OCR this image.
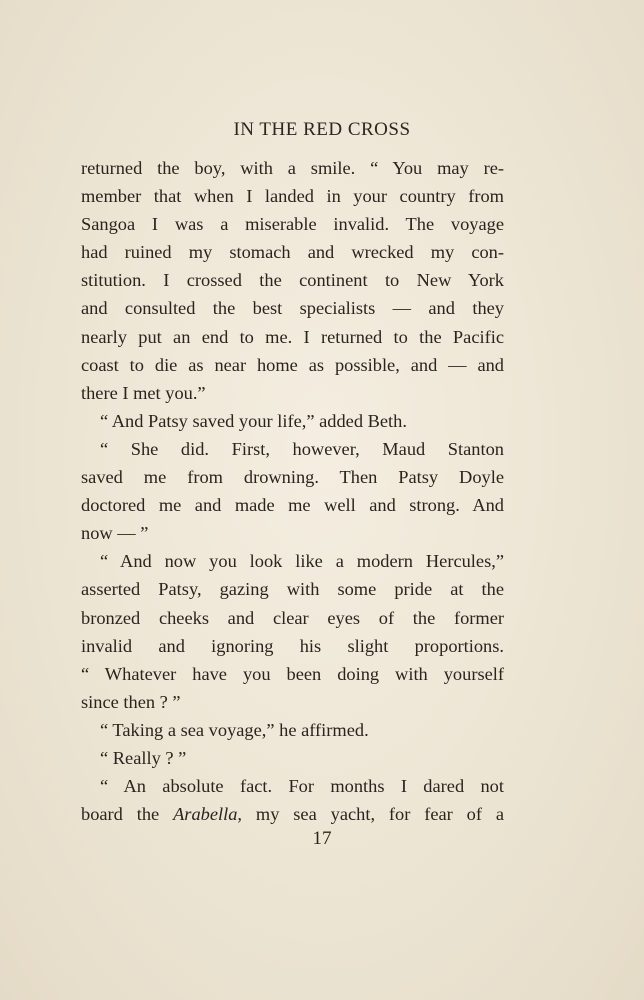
IN THE RED CROSS

returned the boy, with a smile. “ You may re-
member that when I landed in your country from
Sangoa I was a miserable invalid. The voyage
had ruined my stomach and wrecked my con-
stitution. I crossed the continent to New York
and consulted the best specialists — and they
nearly put an end to me. I returned to the Pacific
coast to die as near home as possible, and — and
there I met you.”

“ And Patsy saved your life,” added Beth.

“ She did. First, however, Maud Stanton
saved me from drowning. Then Patsy Doyle
doctored me and made me well and strong. And
now — ”

“ And now you look like a modern Hercules,”
asserted Patsy, gazing with some pride at the
bronzed cheeks and clear eyes of the former
invalid and ignoring his slight proportions.
“ Whatever have you been doing with yourself
since then ? ”

“ Taking a sea voyage,” he affirmed.

“ Really ? ”

“ An absolute fact. For months I dared not
board the Arabella, my sea yacht, for fear of a

17
